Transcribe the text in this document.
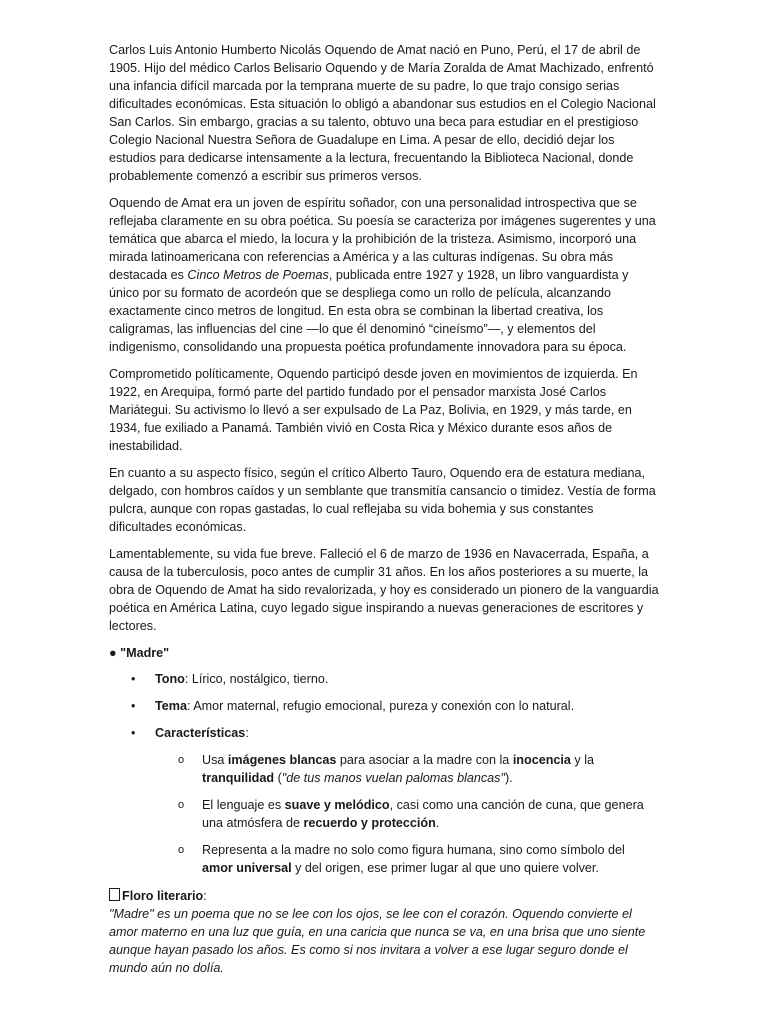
Carlos Luis Antonio Humberto Nicolás Oquendo de Amat nació en Puno, Perú, el 17 de abril de 1905. Hijo del médico Carlos Belisario Oquendo y de María Zoralda de Amat Machizado, enfrentó una infancia difícil marcada por la temprana muerte de su padre, lo que trajo consigo serias dificultades económicas. Esta situación lo obligó a abandonar sus estudios en el Colegio Nacional San Carlos. Sin embargo, gracias a su talento, obtuvo una beca para estudiar en el prestigioso Colegio Nacional Nuestra Señora de Guadalupe en Lima. A pesar de ello, decidió dejar los estudios para dedicarse intensamente a la lectura, frecuentando la Biblioteca Nacional, donde probablemente comenzó a escribir sus primeros versos.

Oquendo de Amat era un joven de espíritu soñador, con una personalidad introspectiva que se reflejaba claramente en su obra poética. Su poesía se caracteriza por imágenes sugerentes y una temática que abarca el miedo, la locura y la prohibición de la tristeza. Asimismo, incorporó una mirada latinoamericana con referencias a América y a las culturas indígenas. Su obra más destacada es Cinco Metros de Poemas, publicada entre 1927 y 1928, un libro vanguardista y único por su formato de acordeón que se despliega como un rollo de película, alcanzando exactamente cinco metros de longitud. En esta obra se combinan la libertad creativa, los caligramas, las influencias del cine —lo que él denominó “cineísmo”—, y elementos del indigenismo, consolidando una propuesta poética profundamente innovadora para su época.

Comprometido políticamente, Oquendo participó desde joven en movimientos de izquierda. En 1922, en Arequipa, formó parte del partido fundado por el pensador marxista José Carlos Mariátegui. Su activismo lo llevó a ser expulsado de La Paz, Bolivia, en 1929, y más tarde, en 1934, fue exiliado a Panamá. También vivió en Costa Rica y México durante esos años de inestabilidad.

En cuanto a su aspecto físico, según el crítico Alberto Tauro, Oquendo era de estatura mediana, delgado, con hombros caídos y un semblante que transmitía cansancio o timidez. Vestía de forma pulcra, aunque con ropas gastadas, lo cual reflejaba su vida bohemia y sus constantes dificultades económicas.

Lamentablemente, su vida fue breve. Falleció el 6 de marzo de 1936 en Navacerrada, España, a causa de la tuberculosis, poco antes de cumplir 31 años. En los años posteriores a su muerte, la obra de Oquendo de Amat ha sido revalorizada, y hoy es considerado un pionero de la vanguardia poética en América Latina, cuyo legado sigue inspirando a nuevas generaciones de escritores y lectores.

● "Madre"
• Tono: Lírico, nostálgico, tierno.
• Tema: Amor maternal, refugio emocional, pureza y conexión con lo natural.
• Características:
o Usa imágenes blancas para asociar a la madre con la inocencia y la tranquilidad ("de tus manos vuelan palomas blancas").
o El lenguaje es suave y melódico, casi como una canción de cuna, que genera una atmósfera de recuerdo y protección.
o Representa a la madre no solo como figura humana, sino como símbolo del amor universal y del origen, ese primer lugar al que uno quiere volver.
Floro literario:

"Madre" es un poema que no se lee con los ojos, se lee con el corazón. Oquendo convierte el amor materno en una luz que guía, en una caricia que nunca se va, en una brisa que uno siente aunque hayan pasado los años. Es como si nos invitara a volver a ese lugar seguro donde el mundo aún no dolía.
